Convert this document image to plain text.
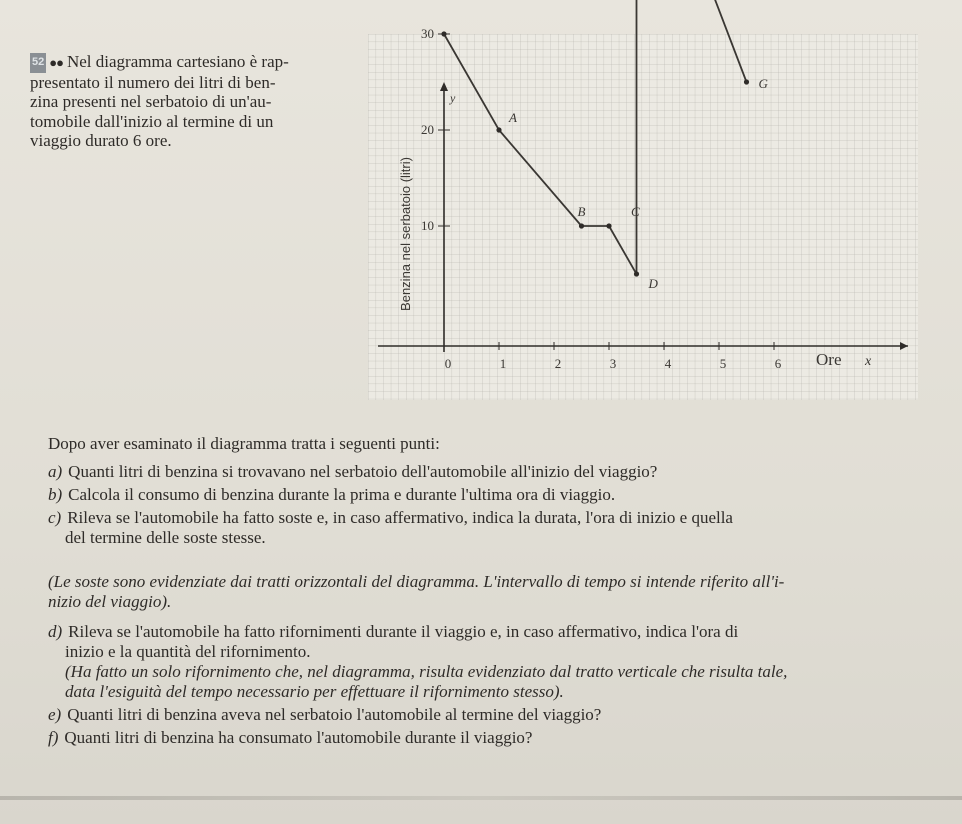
52 ●● Nel diagramma cartesiano è rap-
presentato il numero dei litri di ben-
zina presenti nel serbatoio di un'au-
tomobile dall'inizio al termine di un
viaggio durato 6 ore.
0	1	2	3	4	5	6
10
20
30
A
B	C
D
G
Benzina nel serbatoio (litri)
Ore x
y

Dopo aver esaminato il diagramma tratta i seguenti punti:

a) Quanti litri di benzina si trovavano nel serbatoio dell'automobile all'inizio del viaggio?

b) Calcola il consumo di benzina durante la prima e durante l'ultima ora di viaggio.

c) Rileva se l'automobile ha fatto soste e, in caso affermativo, indica la durata, l'ora di inizio e quella
del termine delle soste stesse.

(Le soste sono evidenziate dai tratti orizzontali del diagramma. L'intervallo di tempo si intende riferito all'i-
nizio del viaggio).

d) Rileva se l'automobile ha fatto rifornimenti durante il viaggio e, in caso affermativo, indica l'ora di
inizio e la quantità del rifornimento.

(Ha fatto un solo rifornimento che, nel diagramma, risulta evidenziato dal tratto verticale che risulta tale,
data l'esiguità del tempo necessario per effettuare il rifornimento stesso).

e) Quanti litri di benzina aveva nel serbatoio l'automobile al termine del viaggio?

f) Quanti litri di benzina ha consumato l'automobile durante il viaggio?
